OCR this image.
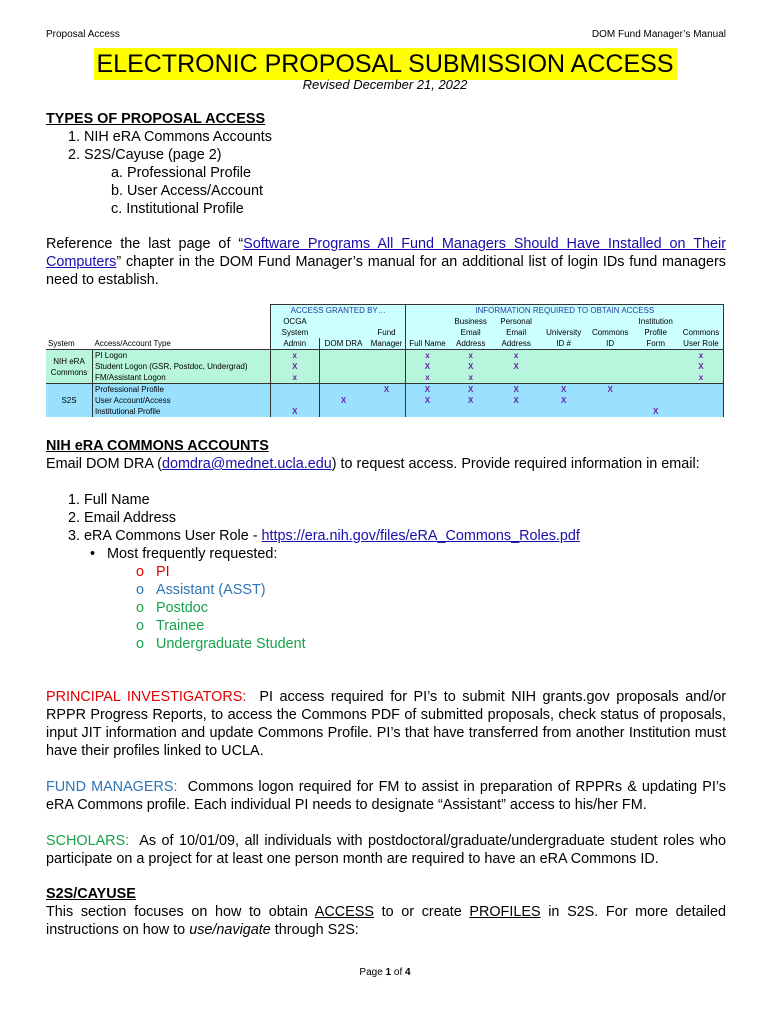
Proposal Access	DOM Fund Manager’s Manual
ELECTRONIC PROPOSAL SUBMISSION ACCESS
Revised December 21, 2022
TYPES OF PROPOSAL ACCESS
1. NIH eRA Commons Accounts
2. S2S/Cayuse (page 2)
a. Professional Profile
b. User Access/Account
c. Institutional Profile
Reference the last page of “Software Programs All Fund Managers Should Have Installed on Their Computers” chapter in the DOM Fund Manager’s manual for an additional list of login IDs fund managers need to establish.
		ACCESS GRANTED BY…			INFORMATION REQUIRED TO OBTAIN ACCESS						
		OCGA				Business	Personal			Institution	
		System		Fund		Email	Email	University	Commons	Profile	Commons
System	Access/Account Type	Admin	DOM DRA	Manager	Full Name	Address	Address	ID #	ID	Form	User Role

NIH eRA
Commons	PI Logon	x			x	x	x				x
	Student Logon (GSR, Postdoc, Undergrad)	X			X	X	X				X
	FM/Assistant Logon	x			x	x					x
S2S	Professional Profile			X	X	X	X	X	X		
	User Account/Access		X		X	X	X	X			
	Institutional Profile	X								X	
NIH eRA COMMONS ACCOUNTS
Email DOM DRA (domdra@mednet.ucla.edu) to request access. Provide required information in email:
1. Full Name
2. Email Address
3. eRA Commons User Role - https://era.nih.gov/files/eRA_Commons_Roles.pdf
•   Most frequently requested:
o   PI
o   Assistant (ASST)
o   Postdoc
o   Trainee
o   Undergraduate Student
PRINCIPAL INVESTIGATORS: PI access required for PI’s to submit NIH grants.gov proposals and/or RPPR Progress Reports, to access the Commons PDF of submitted proposals, check status of proposals, input JIT information and update Commons Profile. PI’s that have transferred from another Institution must have their profiles linked to UCLA.
FUND MANAGERS: Commons logon required for FM to assist in preparation of RPPRs & updating PI’s eRA Commons profile. Each individual PI needs to designate “Assistant” access to his/her FM.
SCHOLARS: As of 10/01/09, all individuals with postdoctoral/graduate/undergraduate student roles who participate on a project for at least one person month are required to have an eRA Commons ID.
S2S/CAYUSE
This section focuses on how to obtain ACCESS to or create PROFILES in S2S. For more detailed instructions on how to use/navigate through S2S:
Page 1 of 4
